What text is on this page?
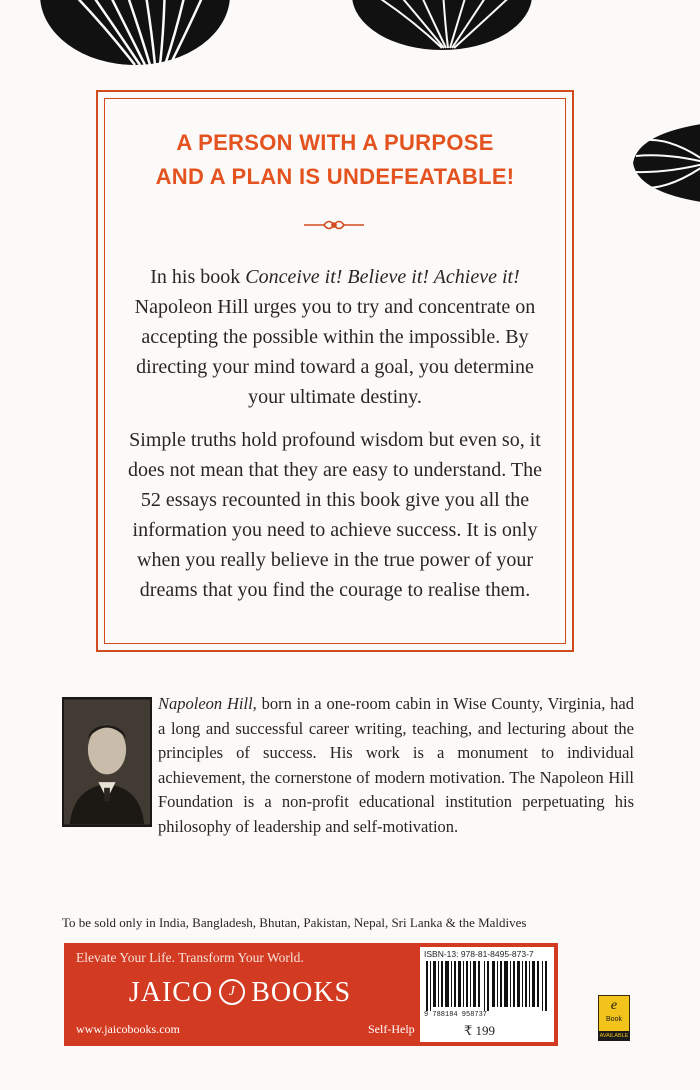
A PERSON WITH A PURPOSE
AND A PLAN IS UNDEFEATABLE!
In his book Conceive it! Believe it! Achieve it! Napoleon Hill urges you to try and concentrate on accepting the possible within the impossible. By directing your mind toward a goal, you determine your ultimate destiny.
Simple truths hold profound wisdom but even so, it does not mean that they are easy to understand. The 52 essays recounted in this book give you all the information you need to achieve success. It is only when you really believe in the true power of your dreams that you find the courage to realise them.
Napoleon Hill, born in a one-room cabin in Wise County, Virginia, had a long and successful career writing, teaching, and lecturing about the principles of success. His work is a monument to individual achievement, the cornerstone of modern motivation. The Napoleon Hill Foundation is a non-profit educational institution perpetuating his philosophy of leadership and self-motivation.
To be sold only in India, Bangladesh, Bhutan, Pakistan, Nepal, Sri Lanka & the Maldives
Elevate Your Life. Transform Your World.
JAICO J BOOKS
www.jaicobooks.com	Self-Help
ISBN-13: 978-81-8495-873-7
9 788184 958737
₹ 199
e
Book
AVAILABLE
